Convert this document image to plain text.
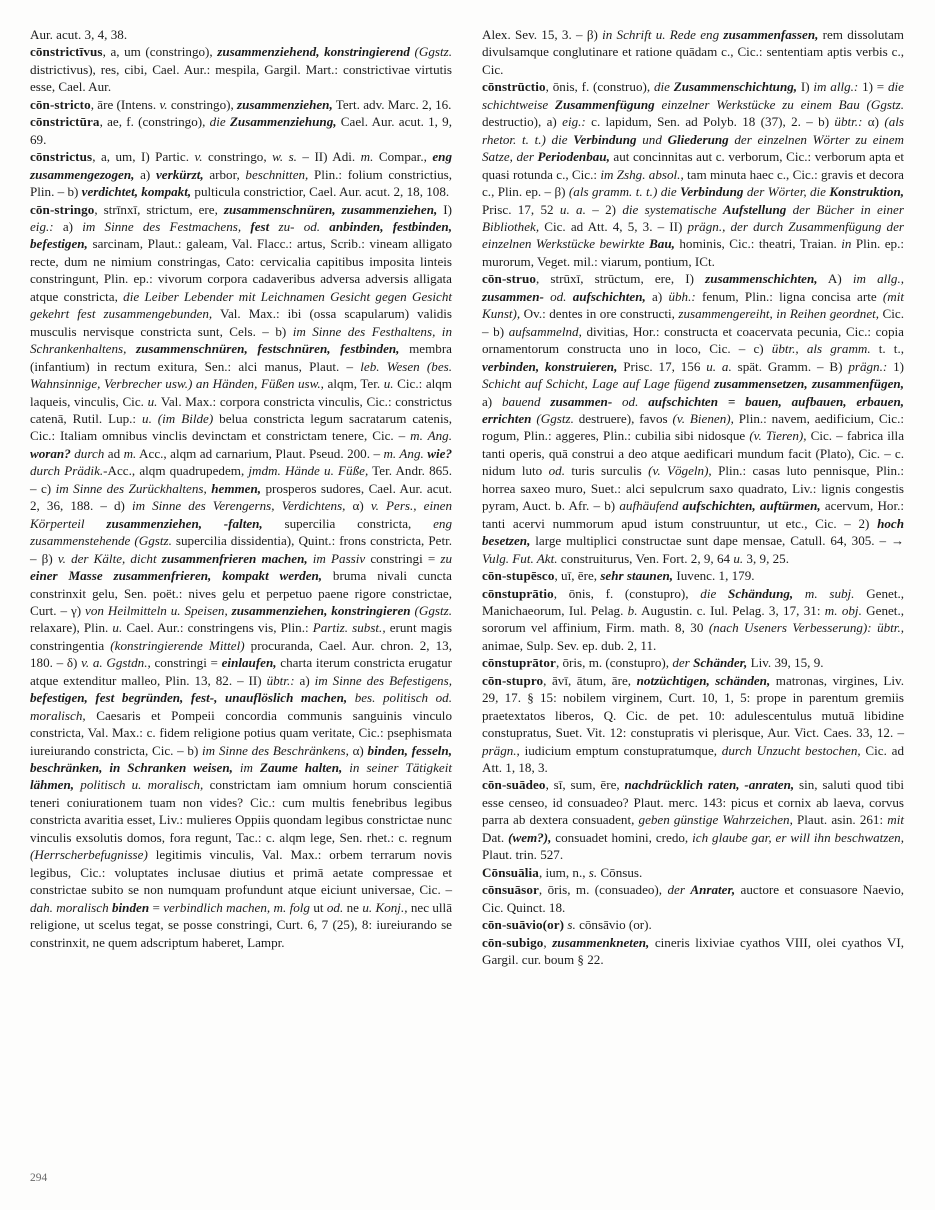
Aur. acut. 3, 4, 38.

cōnstrictīvus, a, um (constringo), zusammenziehend, konstringierend (Ggstz. districtivus), res, cibi, Cael. Aur.: mespila, Gargil. Mart.: constrictivae virtutis esse, Cael. Aur.

cōn-stricto, āre (Intens. v. constringo), zusammenziehen, Tert. adv. Marc. 2, 16.

cōnstrictūra, ae, f. (constringo), die Zusammenziehung, Cael. Aur. acut. 1, 9, 69.

cōnstrictus, a, um, I) Partic. v. constringo, w. s. – II) Adi. m. Compar., eng zusammengezogen, a) verkürzt, arbor, beschnitten, Plin.: folium constrictius, Plin. – b) verdichtet, kompakt, pulticula constrictior, Cael. Aur. acut. 2, 18, 108.

cōn-stringo, strīnxī, strictum, ere, zusammenschnüren, zusammenziehen, I) eig.: a) im Sinne des Festmachens, fest zu- od. anbinden, festbinden, befestigen, sarcinam, Plaut.: galeam, Val. Flacc.: artus, Scrib.: vineam alligato recte, dum ne nimium constringas, Cato: cervicalia capitibus imposita linteis constringunt, Plin. ep.: vivorum corpora cadaveribus adversa adversis alligata atque constricta, die Leiber Lebender mit Leichnamen Gesicht gegen Gesicht gekehrt fest zusammengebunden, Val. Max.: ibi (ossa scapularum) validis musculis nervisque constricta sunt, Cels. – b) im Sinne des Festhaltens, in Schrankenhaltens, zusammenschnüren, festschnüren, festbinden, membra (infantium) in rectum exitura, Sen.: alci manus, Plaut. – leb. Wesen (bes. Wahnsinnige, Verbrecher usw.) an Händen, Füßen usw., alqm, Ter. u. Cic.: alqm laqueis, vinculis, Cic. u. Val. Max.: corpora constricta vinculis, Cic.: constrictus catenā, Rutil. Lup.: u. (im Bilde) belua constricta legum sacratarum catenis, Cic.: Italiam omnibus vinclis devinctam et constrictam tenere, Cic. – m. Ang. woran? durch ad m. Acc., alqm ad carnarium, Plaut. Pseud. 200. – m. Ang. wie? durch Prädik.-Acc., alqm quadrupedem, jmdm. Hände u. Füße, Ter. Andr. 865. – c) im Sinne des Zurückhaltens, hemmen, prosperos sudores, Cael. Aur. acut. 2, 36, 188. – d) im Sinne des Verengerns, Verdichtens, α) v. Pers., einen Körperteil zusammenziehen, -falten, supercilia constricta, eng zusammenstehende (Ggstz. supercilia dissidentia), Quint.: frons constricta, Petr. – β) v. der Kälte, dicht zusammenfrieren machen, im Passiv constringi = zu einer Masse zusammenfrieren, kompakt werden, bruma nivali cuncta constrinxit gelu, Sen. poët.: nives gelu et perpetuo paene rigore constrictae, Curt. – γ) von Heilmitteln u. Speisen, zusammenziehen, konstringieren (Ggstz. relaxare), Plin. u. Cael. Aur.: constringens vis, Plin.: Partiz. subst., erunt magis constringentia (konstringierende Mittel) procuranda, Cael. Aur. chron. 2, 13, 180. – δ) v. a. Ggstdn., constringi = einlaufen, charta iterum constricta erugatur atque extenditur malleo, Plin. 13, 82. – II) übtr.: a) im Sinne des Befestigens, befestigen, fest begründen, fest-, unauflöslich machen, bes. politisch od. moralisch, Caesaris et Pompeii concordia communis sanguinis vinculo constricta, Val. Max.: c. fidem religione potius quam veritate, Cic.: psephismata iureiurando constricta, Cic. – b) im Sinne des Beschränkens, α) binden, fesseln, beschränken, in Schranken weisen, im Zaume halten, in seiner Tätigkeit lähmen, politisch u. moralisch, constrictam iam omnium horum conscientiā teneri coniurationem tuam non vides? Cic.: cum multis fenebribus legibus constricta avaritia esset, Liv.: mulieres Oppiis quondam legibus constrictae nunc vinculis exsolutis domos, fora regunt, Tac.: c. alqm lege, Sen. rhet.: c. regnum (Herrscherbefugnisse) legitimis vinculis, Val. Max.: orbem terrarum novis legibus, Cic.: voluptates inclusae diutius et primā aetate compressae et constrictae subito se non numquam profundunt atque eiciunt universae, Cic. – dah. moralisch binden = verbindlich machen, m. folg ut od. ne u. Konj., nec ullā religione, ut scelus tegat, se posse constringi, Curt. 6, 7 (25), 8: iureiurando se constrinxit, ne quem adscriptum haberet, Lampr.

Alex. Sev. 15, 3. – β) in Schrift u. Rede eng zusammenfassen, rem dissolutam divulsamque conglutinare et ratione quādam c., Cic.: sententiam aptis verbis c., Cic.

cōnstrūctio, ōnis, f. (construo), die Zusammenschichtung, I) im allg.: 1) = die schichtweise Zusammenfügung einzelner Werkstücke zu einem Bau (Ggstz. destructio), a) eig.: c. lapidum, Sen. ad Polyb. 18 (37), 2. – b) übtr.: α) (als rhetor. t. t.) die Verbindung und Gliederung der einzelnen Wörter zu einem Satze, der Periodenbau, aut concinnitas aut c. verborum, Cic.: verborum apta et quasi rotunda c., Cic.: im Zshg. absol., tam minuta haec c., Cic.: gravis et decora c., Plin. ep. – β) (als gramm. t. t.) die Verbindung der Wörter, die Konstruktion, Prisc. 17, 52 u. a. – 2) die systematische Aufstellung der Bücher in einer Bibliothek, Cic. ad Att. 4, 5, 3. – II) prägn., der durch Zusammenfügung der einzelnen Werkstücke bewirkte Bau, hominis, Cic.: theatri, Traian. in Plin. ep.: murorum, Veget. mil.: viarum, pontium, ICt.

cōn-struo, strūxī, strūctum, ere, I) zusammenschichten, A) im allg., zusammen- od. aufschichten, a) übh.: fenum, Plin.: ligna concisa arte (mit Kunst), Ov.: dentes in ore constructi, zusammengereiht, in Reihen geordnet, Cic. – b) aufsammelnd, divitias, Hor.: constructa et coacervata pecunia, Cic.: copia ornamentorum constructa uno in loco, Cic. – c) übtr., als gramm. t. t., verbinden, konstruieren, Prisc. 17, 156 u. a. spät. Gramm. – B) prägn.: 1) Schicht auf Schicht, Lage auf Lage fügend zusammensetzen, zusammenfügen, a) bauend zusammen- od. aufschichten = bauen, aufbauen, erbauen, errichten (Ggstz. destruere), favos (v. Bienen), Plin.: navem, aedificium, Cic.: rogum, Plin.: aggeres, Plin.: cubilia sibi nidosque (v. Tieren), Cic. – fabrica illa tanti operis, quā construi a deo atque aedificari mundum facit (Plato), Cic. – c. nidum luto od. turis surculis (v. Vögeln), Plin.: casas luto pennisque, Plin.: horrea saxeo muro, Suet.: alci sepulcrum saxo quadrato, Liv.: lignis congestis pyram, Auct. b. Afr. – b) aufhäufend aufschichten, auftürmen, acervum, Hor.: tanti acervi nummorum apud istum construuntur, ut etc., Cic. – 2) hoch besetzen, large multiplici constructae sunt dape mensae, Catull. 64, 305. – → Vulg. Fut. Akt. construiturus, Ven. Fort. 2, 9, 64 u. 3, 9, 25.

cōn-stupēsco, uī, ēre, sehr staunen, Iuvenc. 1, 179.

cōnstuprātio, ōnis, f. (constupro), die Schändung, m. subj. Genet., Manichaeorum, Iul. Pelag. b. Augustin. c. Iul. Pelag. 3, 17, 31: m. obj. Genet., sororum vel affinium, Firm. math. 8, 30 (nach Useners Verbesserung): übtr., animae, Sulp. Sev. ep. dub. 2, 11.

cōnstuprātor, ōris, m. (constupro), der Schänder, Liv. 39, 15, 9.

cōn-stupro, āvī, ātum, āre, notzüchtigen, schänden, matronas, virgines, Liv. 29, 17. § 15: nobilem virginem, Curt. 10, 1, 5: prope in parentum gremiis praetextatos liberos, Q. Cic. de pet. 10: adulescentulus mutuā libidine constupratus, Suet. Vit. 12: constupratis vi plerisque, Aur. Vict. Caes. 33, 12. – prägn., iudicium emptum constupratumque, durch Unzucht bestochen, Cic. ad Att. 1, 18, 3.

cōn-suādeo, sī, sum, ēre, nachdrücklich raten, -anraten, sin, saluti quod tibi esse censeo, id consuadeo? Plaut. merc. 143: picus et cornix ab laeva, corvus parra ab dextera consuadent, geben günstige Wahrzeichen, Plaut. asin. 261: mit Dat. (wem?), consuadet homini, credo, ich glaube gar, er will ihn beschwatzen, Plaut. trin. 527.

Cōnsuālia, ium, n., s. Cōnsus.

cōnsuāsor, ōris, m. (consuadeo), der Anrater, auctore et consuasore Naevio, Cic. Quinct. 18.

cōn-suāvio(or) s. cōnsāvio (or).

cōn-subigo, zusammenkneten, cineris lixiviae cyathos VIII, olei cyathos VI, Gargil. cur. boum § 22.

294
